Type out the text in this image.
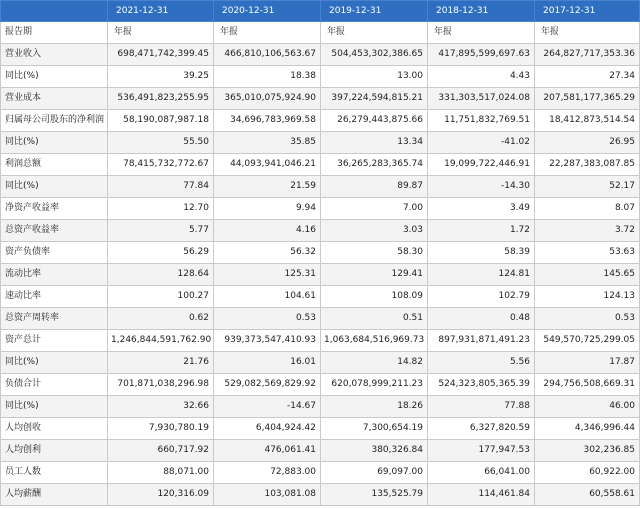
	2021-12-31	2020-12-31	2019-12-31	2018-12-31	2017-12-31
报告期	年报	年报	年报	年报	年报
营业收入	698,471,742,399.45	466,810,106,563.67	504,453,302,386.65	417,895,599,697.63	264,827,717,353.36
同比(%)	39.25	18.38	13.00	4.43	27.34
营业成本	536,491,823,255.95	365,010,075,924.90	397,224,594,815.21	331,303,517,024.08	207,581,177,365.29
归属母公司股东的净利润	58,190,087,987.18	34,696,783,969.58	26,279,443,875.66	11,751,832,769.51	18,412,873,514.54
同比(%)	55.50	35.85	13.34	-41.02	26.95
利润总额	78,415,732,772.67	44,093,941,046.21	36,265,283,365.74	19,099,722,446.91	22,287,383,087.85
同比(%)	77.84	21.59	89.87	-14.30	52.17
净资产收益率	12.70	9.94	7.00	3.49	8.07
总资产收益率	5.77	4.16	3.03	1.72	3.72
资产负债率	56.29	56.32	58.30	58.39	53.63
流动比率	128.64	125.31	129.41	124.81	145.65
速动比率	100.27	104.61	108.09	102.79	124.13
总资产周转率	0.62	0.53	0.51	0.48	0.53
资产总计	1,246,844,591,762.90	939,373,547,410.93	1,063,684,516,969.73	897,931,871,491.23	549,570,725,299.05
同比(%)	21.76	16.01	14.82	5.56	17.87
负债合计	701,871,038,296.98	529,082,569,829.92	620,078,999,211.23	524,323,805,365.39	294,756,508,669.31
同比(%)	32.66	-14.67	18.26	77.88	46.00
人均创收	7,930,780.19	6,404,924.42	7,300,654.19	6,327,820.59	4,346,996.44
人均创利	660,717.92	476,061.41	380,326.84	177,947.53	302,236.85
员工人数	88,071.00	72,883.00	69,097.00	66,041.00	60,922.00
人均薪酬	120,316.09	103,081.08	135,525.79	114,461.84	60,558.61
